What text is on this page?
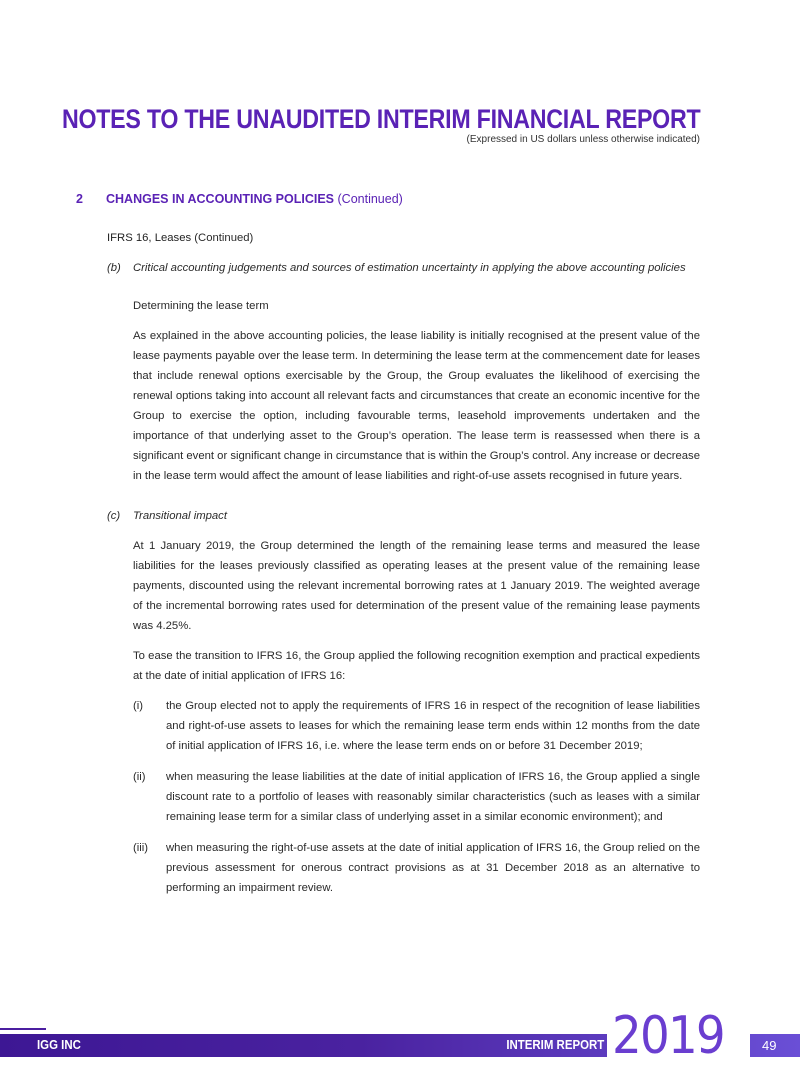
NOTES TO THE UNAUDITED INTERIM FINANCIAL REPORT
(Expressed in US dollars unless otherwise indicated)
2 CHANGES IN ACCOUNTING POLICIES (Continued)
IFRS 16, Leases (Continued)
(b)	Critical accounting judgements and sources of estimation uncertainty in applying the above accounting policies

Determining the lease term

As explained in the above accounting policies, the lease liability is initially recognised at the present value of the lease payments payable over the lease term. In determining the lease term at the commencement date for leases that include renewal options exercisable by the Group, the Group evaluates the likelihood of exercising the renewal options taking into account all relevant facts and circumstances that create an economic incentive for the Group to exercise the option, including favourable terms, leasehold improvements undertaken and the importance of that underlying asset to the Group’s operation. The lease term is reassessed when there is a significant event or significant change in circumstance that is within the Group’s control. Any increase or decrease in the lease term would affect the amount of lease liabilities and right-of-use assets recognised in future years.

(c)	Transitional impact

At 1 January 2019, the Group determined the length of the remaining lease terms and measured the lease liabilities for the leases previously classified as operating leases at the present value of the remaining lease payments, discounted using the relevant incremental borrowing rates at 1 January 2019. The weighted average of the incremental borrowing rates used for determination of the present value of the remaining lease payments was 4.25%.

To ease the transition to IFRS 16, the Group applied the following recognition exemption and practical expedients at the date of initial application of IFRS 16:

(i)	the Group elected not to apply the requirements of IFRS 16 in respect of the recognition of lease liabilities and right-of-use assets to leases for which the remaining lease term ends within 12 months from the date of initial application of IFRS 16, i.e. where the lease term ends on or before 31 December 2019;
(ii)	when measuring the lease liabilities at the date of initial application of IFRS 16, the Group applied a single discount rate to a portfolio of leases with reasonably similar characteristics (such as leases with a similar remaining lease term for a similar class of underlying asset in a similar economic environment); and
(iii)	when measuring the right-of-use assets at the date of initial application of IFRS 16, the Group relied on the previous assessment for onerous contract provisions as at 31 December 2018 as an alternative to performing an impairment review.
IGG INC	INTERIM REPORT 2019	49
